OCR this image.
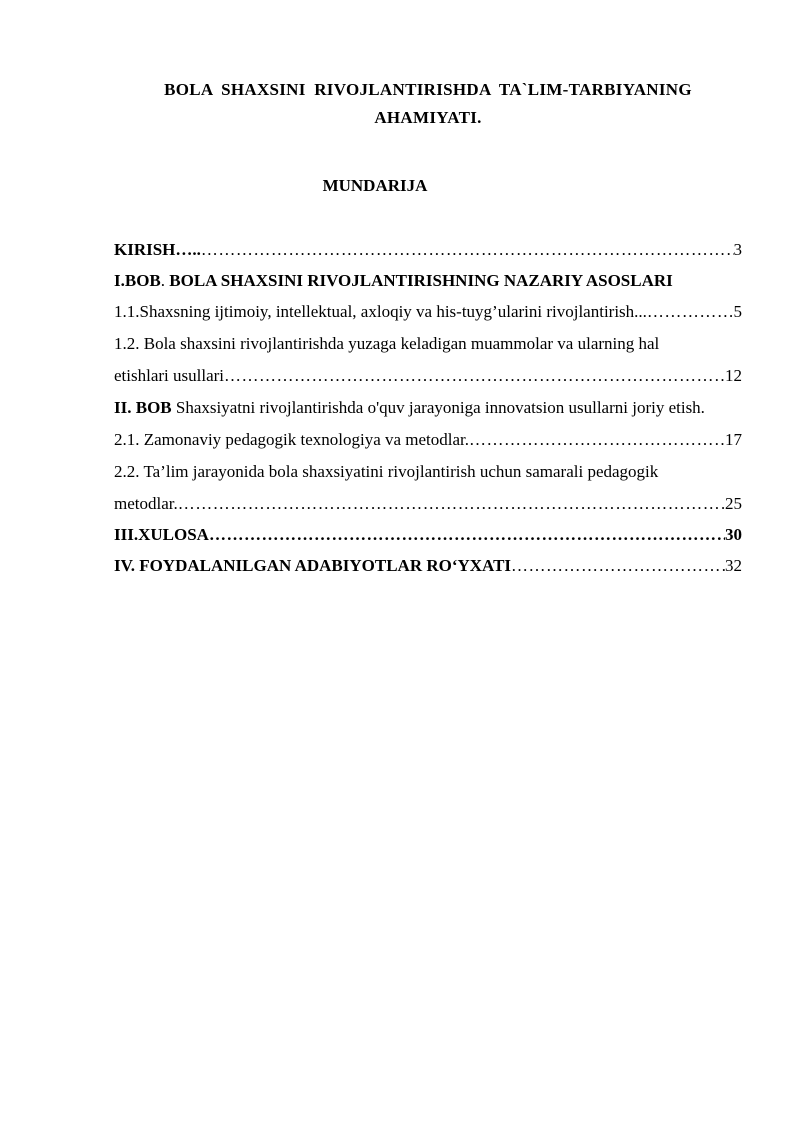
BOLA SHAXSINI RIVOJLANTIRISHDA TA`LIM-TARBIYANING AHAMIYATI.
MUNDARIJA
KIRISH….. …………………………………………………………………………………………………………………………………………………………………………………………………………	3
I.BOB. BOLA SHAXSINI RIVOJLANTIRISHNING NAZARIY ASOSLARI
1.1.Shaxsning ijtimoiy, intellektual, axloqiy va his-tuyg’ularini rivojlantirish... …………………………………………………………………………………………………………………………………………………………………………………………………………	5
1.2. Bola shaxsini rivojlantirishda yuzaga keladigan muammolar va ularning hal
etishlari usullari …………………………………………………………………………………………………………………………………………………………………………………………………………	12
II. BOB Shaxsiyatni rivojlantirishda o'quv jarayoniga innovatsion usullarni joriy etish.
2.1. Zamonaviy pedagogik texnologiya va metodlar. …………………………………………………………………………………………………………………………………………………………………………………………………………	17
2.2. Ta’lim jarayonida bola shaxsiyatini rivojlantirish uchun samarali pedagogik
metodlar. …………………………………………………………………………………………………………………………………………………………………………………………………………	25
III.XULOSA …………………………………………………………………………………………………………………………………………………………………………………………………………	30
IV. FOYDALANILGAN ADABIYOTLAR RO‘YXATI …………………………………………………………………………………………………………………………………………………………………………………………………………	32
